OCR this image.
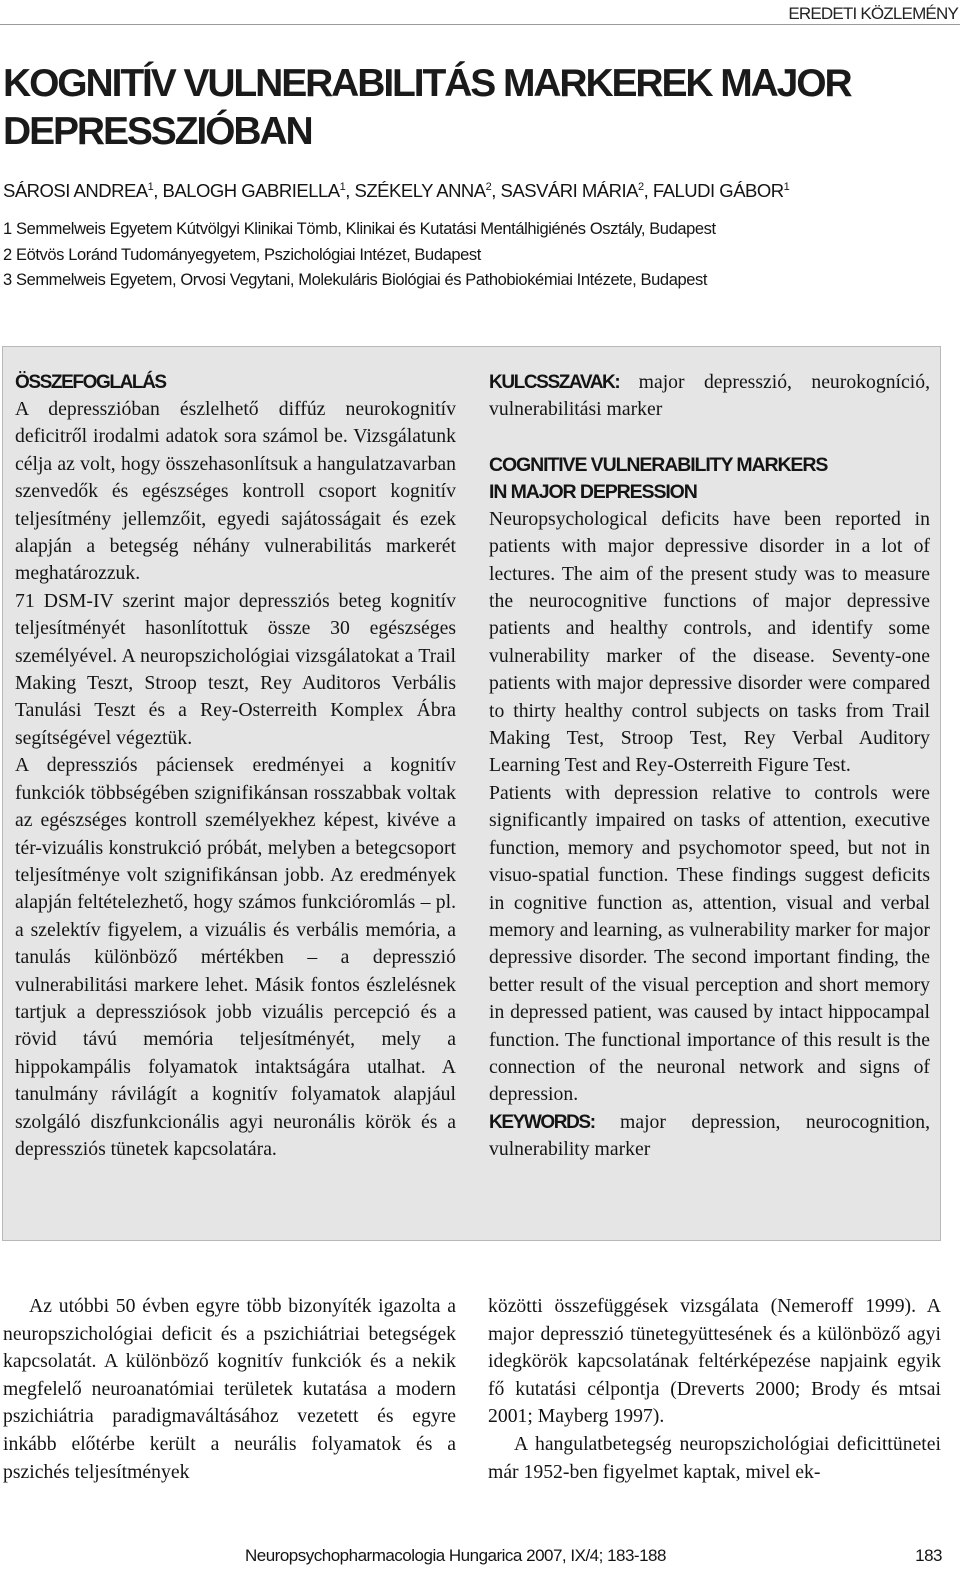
EREDETI KÖZLEMÉNY
KOGNITÍV VULNERABILITÁS MARKEREK MAJOR DEPRESSZIÓBAN
SÁROSI ANDREA$^1$, BALOGH GABRIELLA$^1$, SZÉKELY ANNA$^2$, SASVÁRI MÁRIA$^2$, FALUDI GÁBOR$^1$
1 Semmelweis Egyetem Kútvölgyi Klinikai Tömb, Klinikai és Kutatási Mentálhigiénés Osztály, Budapest
2 Eötvös Loránd Tudományegyetem, Pszichológiai Intézet, Budapest
3 Semmelweis Egyetem, Orvosi Vegytani, Molekuláris Biológiai és Pathobiokémiai Intézete, Budapest
ÖSSZEFOGLALÁS

A depresszióban észlelhető diffúz neurokognitív deficitről irodalmi adatok sora számol be. Vizsgálatunk célja az volt, hogy összehasonlítsuk a hangulatzavarban szenvedők és egészséges kontroll csoport kognitív teljesítmény jellemzőit, egyedi sajátosságait és ezek alapján a betegség néhány vulnerabilitás markerét meghatározzuk.

71 DSM-IV szerint major depressziós beteg kognitív teljesítményét hasonlítottuk össze 30 egészséges személyével. A neuropszichológiai vizsgálatokat a Trail Making Teszt, Stroop teszt, Rey Auditoros Verbális Tanulási Teszt és a Rey-Osterreith Komplex Ábra segítségével végeztük.

A depressziós páciensek eredményei a kognitív funkciók többségében szignifikánsan rosszabbak voltak az egészséges kontroll személyekhez képest, kivéve a tér-vizuális konstrukció próbát, melyben a betegcsoport teljesítménye volt szignifikánsan jobb. Az eredmények alapján feltételezhető, hogy számos funkcióromlás – pl. a szelektív figyelem, a vizuális és verbális memória, a tanulás különböző mértékben – a depresszió vulnerabilitási markere lehet. Másik fontos észlelésnek tartjuk a depressziósok jobb vizuális percepció és a rövid távú memória teljesítményét, mely a hippokampális folyamatok intaktságára utalhat. A tanulmány rávilágít a kognitív folyamatok alapjául szolgáló diszfunkcionális agyi neuronális körök és a depressziós tünetek kapcsolatára.

KULCSSZAVAK: major depresszió, neurokogníció, vulnerabilitási marker

COGNITIVE VULNERABILITY MARKERS
IN MAJOR DEPRESSION

Neuropsychological deficits have been reported in patients with major depressive disorder in a lot of lectures. The aim of the present study was to measure the neurocognitive functions of major depressive patients and healthy controls, and identify some vulnerability marker of the disease. Seventy-one patients with major depressive disorder were compared to thirty healthy control subjects on tasks from Trail Making Test, Stroop Test, Rey Verbal Auditory Learning Test and Rey-Osterreith Figure Test.

Patients with depression relative to controls were significantly impaired on tasks of attention, executive function, memory and psychomotor speed, but not in visuo-spatial function. These findings suggest deficits in cognitive function as, attention, visual and verbal memory and learning, as vulnerability marker for major depressive disorder. The second important finding, the better result of the visual perception and short memory in depressed patient, was caused by intact hippocampal function. The functional importance of this result is the connection of the neuronal network and signs of depression.

KEYWORDS: major depression, neurocognition, vulnerability marker

Az utóbbi 50 évben egyre több bizonyíték igazolta a neuropszichológiai deficit és a pszichiátriai betegségek kapcsolatát. A különböző kognitív funkciók és a nekik megfelelő neuroanatómiai területek kutatása a modern pszichiátria paradigmaváltásához vezetett és egyre inkább előtérbe került a neurális folyamatok és a pszichés teljesítmények

közötti összefüggések vizsgálata (Nemeroff 1999). A major depresszió tünetegyüttesének és a különböző agyi idegkörök kapcsolatának feltérképezése napjaink egyik fő kutatási célpontja (Dreverts 2000; Brody és mtsai 2001; Mayberg 1997).

A hangulatbetegség neuropszichológiai deficittünetei már 1952-ben figyelmet kaptak, mivel ek-

Neuropsychopharmacologia Hungarica 2007, IX/4; 183-188	183
